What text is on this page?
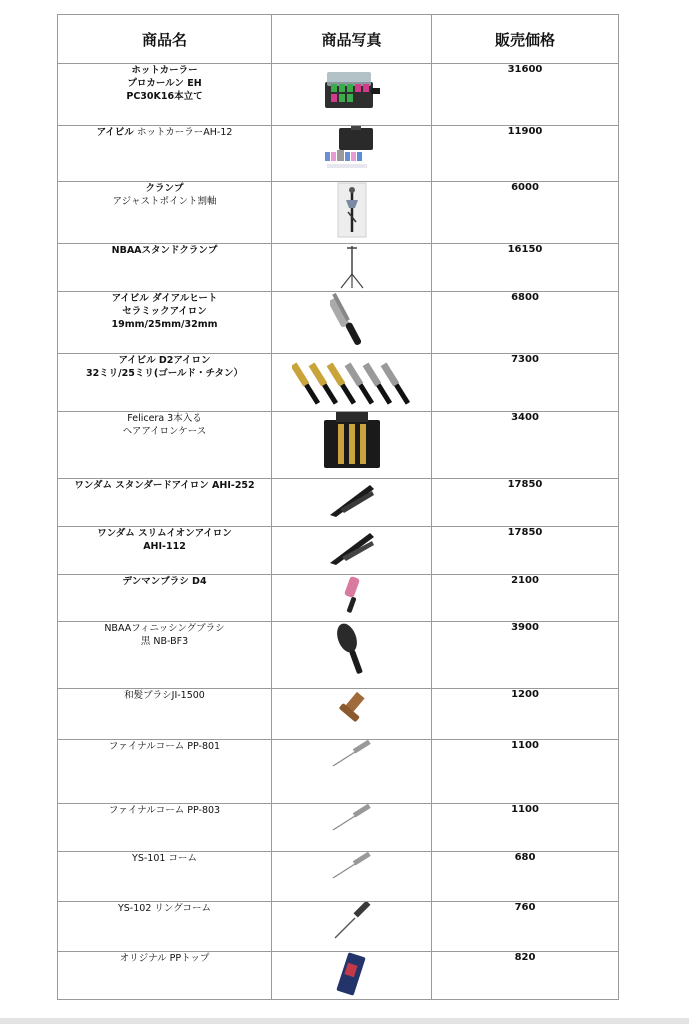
商品名	商品写真	販売価格

ホットカーラー
プロカールン EH
PC30K16本立て		31600

アイビル ホットカーラーAH-12		11900

クランプ
アジャストポイント割軸		6000

NBAAスタンドクランプ		16150

アイビル ダイアルヒート
セラミックアイロン
19mm/25mm/32mm		6800

アイビル D2アイロン
32ミリ/25ミリ(ゴールド・チタン）		7300

Felicera 3本入る
ヘアアイロンケース		3400

ワンダム スタンダードアイロン AHI-252		17850

ワンダム スリムイオンアイロン
AHI-112		17850

デンマンブラシ D4		2100

NBAAフィニッシングブラシ
黒 NB-BF3		3900

和髪ブラシJI-1500		1200

ファイナルコーム PP-801		1100

ファイナルコーム PP-803		1100

YS-101 コーム		680

YS-102 リングコーム		760

オリジナル PPトップ		820
